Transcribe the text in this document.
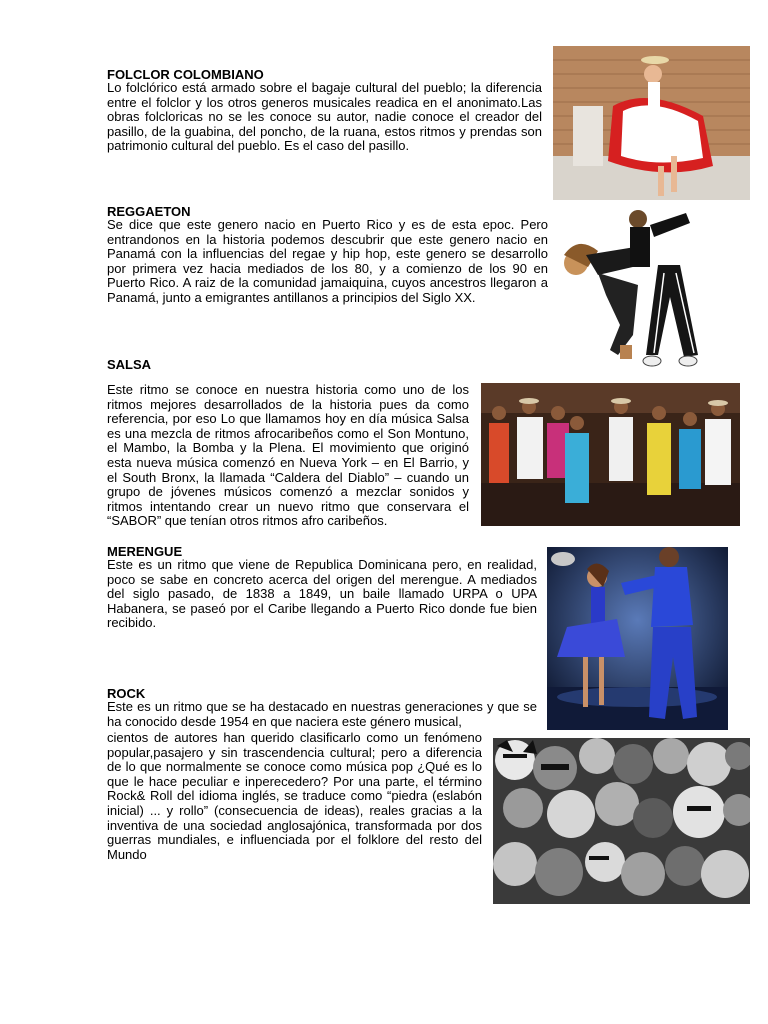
FOLCLOR COLOMBIANO

Lo folclórico está armado sobre el bagaje cultural del pueblo; la diferencia entre el folclor y los otros generos musicales readica en el anonimato.Las obras folcloricas no se les conoce su autor, nadie conoce el creador del pasillo, de la guabina, del poncho, de la ruana, estos ritmos y prendas son patrimonio cultural del pueblo. Es el caso del pasillo.

REGGAETON

Se dice que este genero nacio en Puerto Rico y es de esta epoc. Pero entrandonos en la historia podemos descubrir que este genero nacio en Panamá con la influencias del regae y hip hop, este genero se desarrollo por primera vez hacia mediados de los 80, y a comienzo de los 90 en Puerto Rico. A raiz de la comunidad jamaiquina, cuyos ancestros llegaron a Panamá, junto a emigrantes antillanos a principios del Siglo XX.

SALSA

Este ritmo se conoce en nuestra historia como uno de los ritmos mejores desarrollados de la historia pues da como referencia, por eso Lo que llamamos hoy en día música Salsa es una mezcla de ritmos afrocaribeños como el Son Montuno, el Mambo, la Bomba y la Plena. El movimiento que originó esta nueva música comenzó en Nueva York – en El Barrio, y el South Bronx, la llamada “Caldera del Diablo” – cuando un grupo de jóvenes músicos comenzó a mezclar sonidos y ritmos intentando crear un nuevo ritmo que conservara el “SABOR” que tenían otros ritmos afro caribeños.

MERENGUE

Este es un ritmo que viene de Republica Dominicana pero, en realidad, poco se sabe en concreto acerca del origen del merengue. A mediados del siglo pasado, de 1838 a 1849, un baile llamado URPA o UPA Habanera, se paseó por el Caribe llegando a Puerto Rico donde fue bien recibido.

ROCK

Este es un ritmo que se ha destacado en nuestras generaciones y que se ha conocido desde 1954 en que naciera este género musical,

cientos de autores han querido clasificarlo como un fenómeno popular,pasajero y sin trascendencia cultural; pero a diferencia de lo que normalmente se conoce como música pop ¿Qué es lo que le hace peculiar e inperecedero? Por una parte, el término Rock& Roll del idioma inglés, se traduce como “piedra (eslabón inicial) ... y rollo” (consecuencia de ideas), reales gracias a la inventiva de una sociedad anglosajónica, transformada por dos guerras mundiales, e influenciada por el folklore del resto del Mundo
